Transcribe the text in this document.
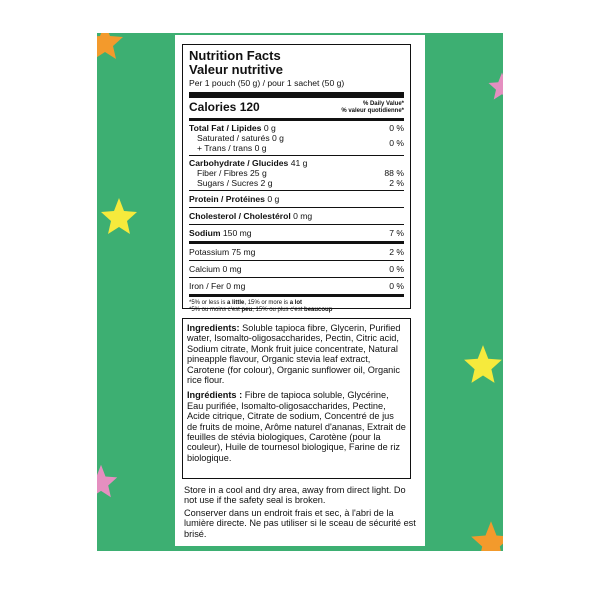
Nutrition Facts
Valeur nutritive
Per 1 pouch (50 g) / pour 1 sachet (50 g)
Calories 120	% Daily Value*
% valeur quotidienne*
Total Fat / Lipides 0 g	0 %
Saturated / saturés 0 g
+ Trans / trans 0 g	0 %
Carbohydrate / Glucides 41 g
Fiber / Fibres 25 g	88 %
Sugars / Sucres 2 g	2 %
Protein / Protéines 0 g
Cholesterol / Cholestérol 0 mg
Sodium 150 mg	7 %
Potassium 75 mg	2 %
Calcium 0 mg	0 %
Iron / Fer 0 mg	0 %
*5% or less is a little, 15% or more is a lot
*5% ou moins c'est peu, 15% ou plus c'est beaucoup

Ingredients: Soluble tapioca fibre, Glycerin, Purified water, Isomalto-oligosaccharides, Pectin, Citric acid, Sodium citrate, Monk fruit juice concentrate, Natural pineapple flavour, Organic stevia leaf extract, Carotene (for colour), Organic sunflower oil, Organic rice flour.

Ingrédients : Fibre de tapioca soluble, Glycérine, Eau purifiée, Isomalto-oligosaccharides, Pectine, Acide citrique, Citrate de sodium, Concentré de jus de fruits de moine, Arôme naturel d'ananas, Extrait de feuilles de stévia biologiques, Carotène (pour la couleur), Huile de tournesol biologique, Farine de riz biologique.

Store in a cool and dry area, away from direct light. Do not use if the safety seal is broken.

Conserver dans un endroit frais et sec, à l'abri de la lumière directe. Ne pas utiliser si le sceau de sécurité est brisé.
